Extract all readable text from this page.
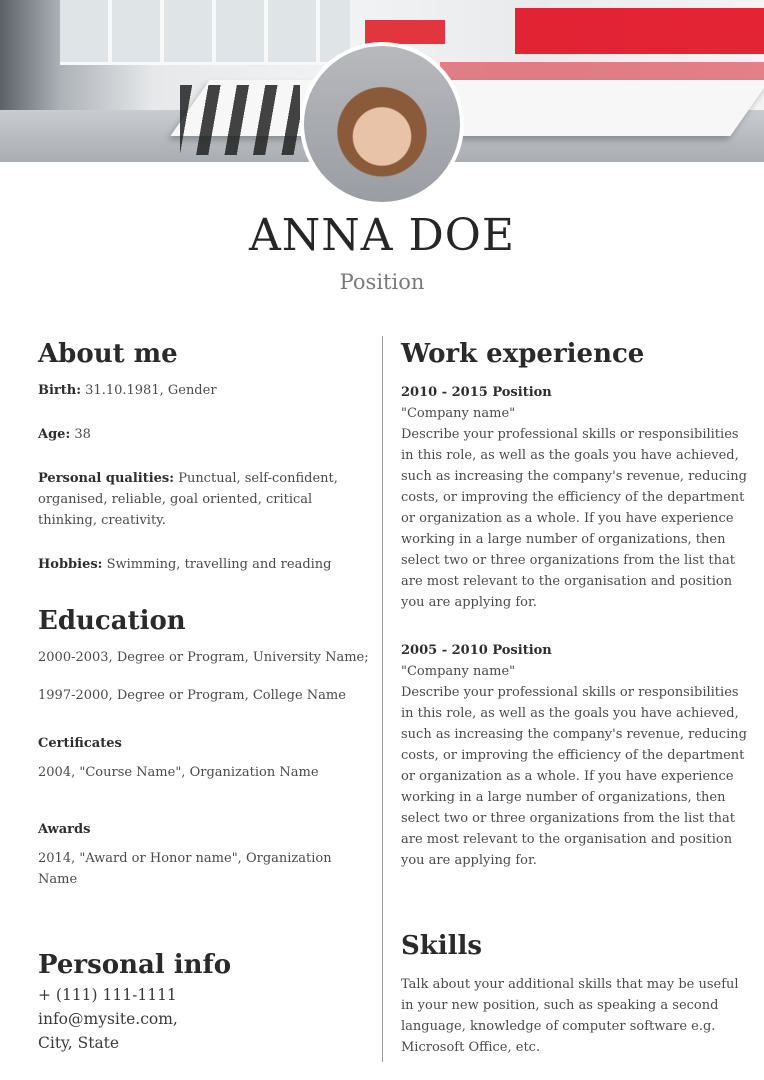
ANNA DOE
Position
About me

Birth: 31.10.1981, Gender

Age: 38

Personal qualities: Punctual, self-confident, organised, reliable, goal oriented, critical thinking, creativity.

Hobbies: Swimming, travelling and reading

Education

2000-2003, Degree or Program, University Name;

1997-2000, Degree or Program, College Name

Certificates

2004, "Course Name", Organization Name

Awards

2014, "Award or Honor name", Organization Name

Personal info

+ (111) 111-1111

info@mysite.com,

City, State

Work experience

2010 - 2015 Position

"Company name"

Describe your professional skills or responsibilities in this role, as well as the goals you have achieved, such as increasing the company's revenue, reducing costs, or improving the efficiency of the department or organization as a whole. If you have experience working in a large number of organizations, then select two or three organizations from the list that are most relevant to the organisation and position you are applying for.

2005 - 2010 Position

"Company name"

Describe your professional skills or responsibilities in this role, as well as the goals you have achieved, such as increasing the company's revenue, reducing costs, or improving the efficiency of the department or organization as a whole. If you have experience working in a large number of organizations, then select two or three organizations from the list that are most relevant to the organisation and position you are applying for.

Skills

Talk about your additional skills that may be useful in your new position, such as speaking a second language, knowledge of computer software e.g. Microsoft Office, etc.
